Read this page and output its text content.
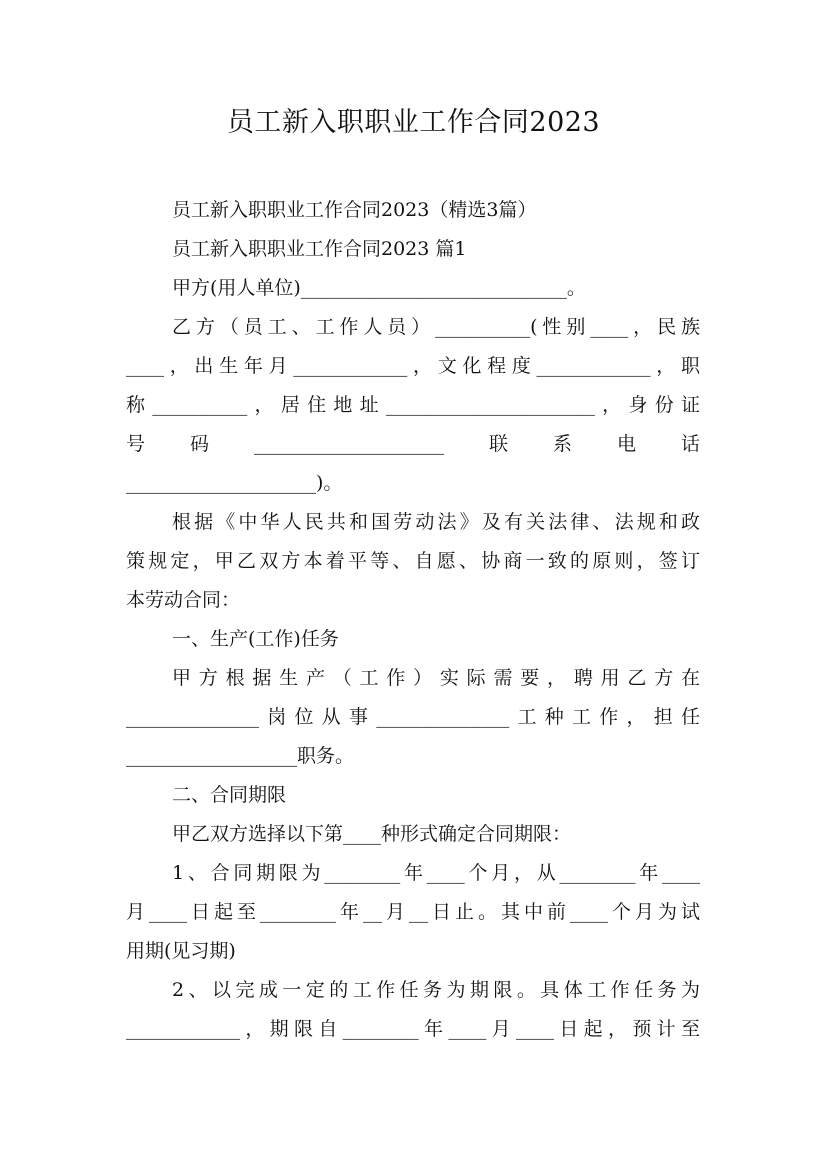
员工新入职职业工作合同2023
员工新入职职业工作合同2023（精选3篇）
员工新入职职业工作合同2023 篇1
甲方(用人单位)____________________________。
乙方（员工、工作人员）__________(性别____，民族
____，出生年月____________，文化程度____________，职
称__________，居住地址______________________，身份证
号　码　____________________　联　系　电　话
____________________)。
根据《中华人民共和国劳动法》及有关法律、法规和政
策规定，甲乙双方本着平等、自愿、协商一致的原则，签订
本劳动合同：
一、生产(工作)任务
甲方根据生产（工作）实际需要，聘用乙方在
______________岗位从事______________工种工作，担任
__________________职务。
二、合同期限
甲乙双方选择以下第____种形式确定合同期限：
1、合同期限为________年____个月，从________年____
月____日起至________年__月__日止。其中前____个月为试
用期(见习期)
2、以完成一定的工作任务为期限。具体工作任务为
____________，期限自________年____月____日起，预计至
